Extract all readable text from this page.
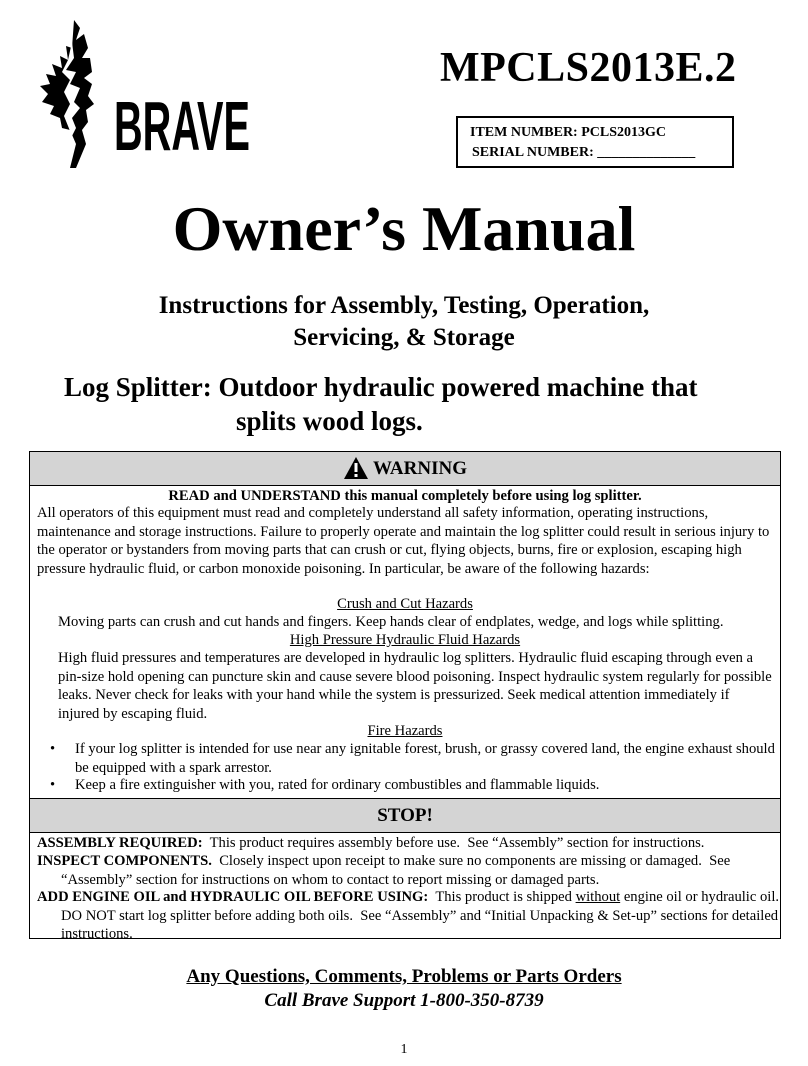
BRAVE
MPCLS2013E.2
ITEM NUMBER: PCLS2013GC
SERIAL NUMBER: ______________
Owner’s Manual
Instructions for Assembly, Testing, Operation,
Servicing, & Storage
Log Splitter: Outdoor hydraulic powered machine that
splits wood logs.
WARNING
READ and UNDERSTAND this manual completely before using log splitter.
All operators of this equipment must read and completely understand all safety information, operating instructions, maintenance and storage instructions. Failure to properly operate and maintain the log splitter could result in serious injury to the operator or bystanders from moving parts that can crush or cut, flying objects, burns, fire or explosion, escaping high pressure hydraulic fluid, or carbon monoxide poisoning. In particular, be aware of the following hazards:
Crush and Cut Hazards
Moving parts can crush and cut hands and fingers. Keep hands clear of endplates, wedge, and logs while splitting.
High Pressure Hydraulic Fluid Hazards
High fluid pressures and temperatures are developed in hydraulic log splitters. Hydraulic fluid escaping through even a pin-size hold opening can puncture skin and cause severe blood poisoning. Inspect hydraulic system regularly for possible leaks. Never check for leaks with your hand while the system is pressurized. Seek medical attention immediately if injured by escaping fluid.
Fire Hazards
•	If your log splitter is intended for use near any ignitable forest, brush, or grassy covered land, the engine exhaust should be equipped with a spark arrestor.
•	Keep a fire extinguisher with you, rated for ordinary combustibles and flammable liquids.
STOP!
ASSEMBLY REQUIRED:  This product requires assembly before use.  See “Assembly” section for instructions.
INSPECT COMPONENTS.  Closely inspect upon receipt to make sure no components are missing or damaged.  See “Assembly” section for instructions on whom to contact to report missing or damaged parts.
ADD ENGINE OIL and HYDRAULIC OIL BEFORE USING:  This product is shipped without engine oil or hydraulic oil. DO NOT start log splitter before adding both oils.  See “Assembly” and “Initial Unpacking & Set-up” sections for detailed instructions.
Any Questions, Comments, Problems or Parts Orders
Call Brave Support 1-800-350-8739
1
